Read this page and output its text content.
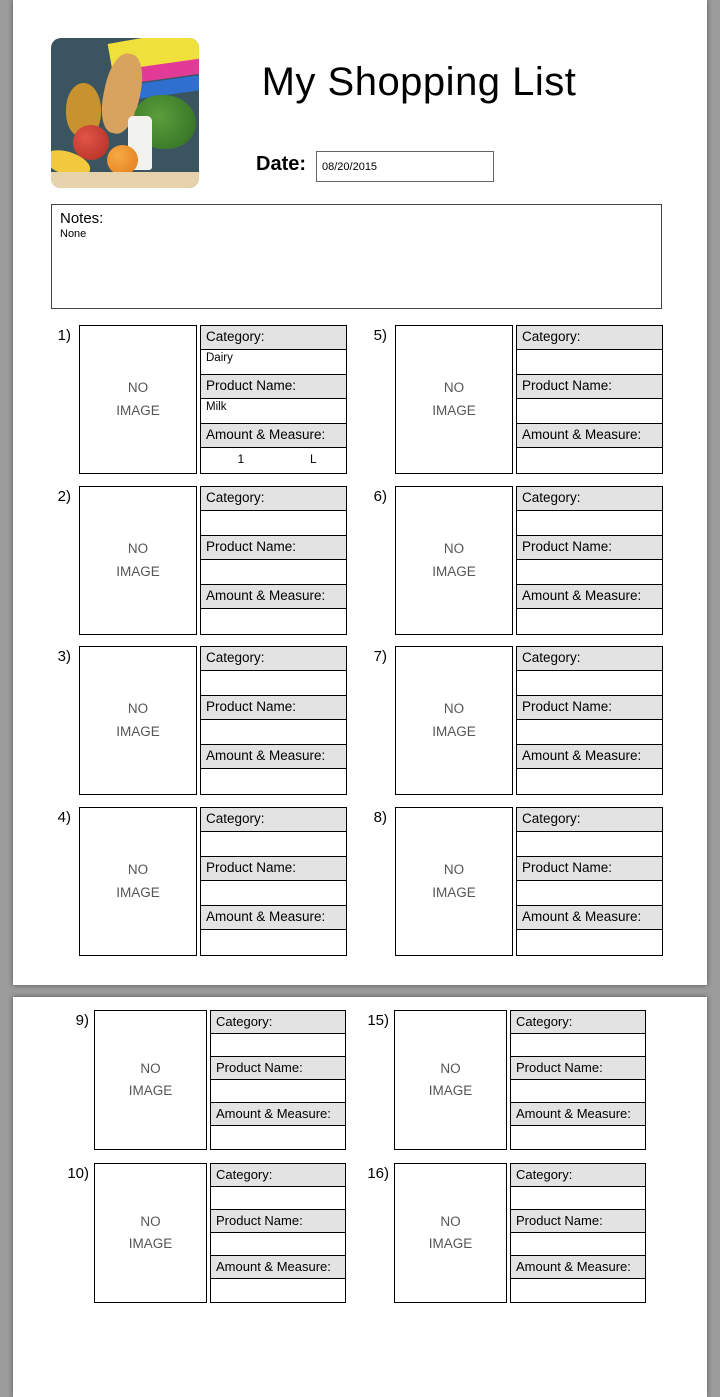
My Shopping List
Date: 08/20/2015
Notes:
None
1)
NO IMAGE
Category:
Dairy
Product Name:
Milk
Amount & Measure:
1	L
2)
NO IMAGE
Category:
Product Name:
Amount & Measure:
3)
NO IMAGE
Category:
Product Name:
Amount & Measure:
4)
NO IMAGE
Category:
Product Name:
Amount & Measure:
5)
NO IMAGE
Category:
Product Name:
Amount & Measure:
6)
NO IMAGE
Category:
Product Name:
Amount & Measure:
7)
NO IMAGE
Category:
Product Name:
Amount & Measure:
8)
NO IMAGE
Category:
Product Name:
Amount & Measure:
9)
NO IMAGE
Category:
Product Name:
Amount & Measure:
15)
NO IMAGE
Category:
Product Name:
Amount & Measure:
10)
NO IMAGE
Category:
Product Name:
Amount & Measure:
16)
NO IMAGE
Category:
Product Name:
Amount & Measure:
